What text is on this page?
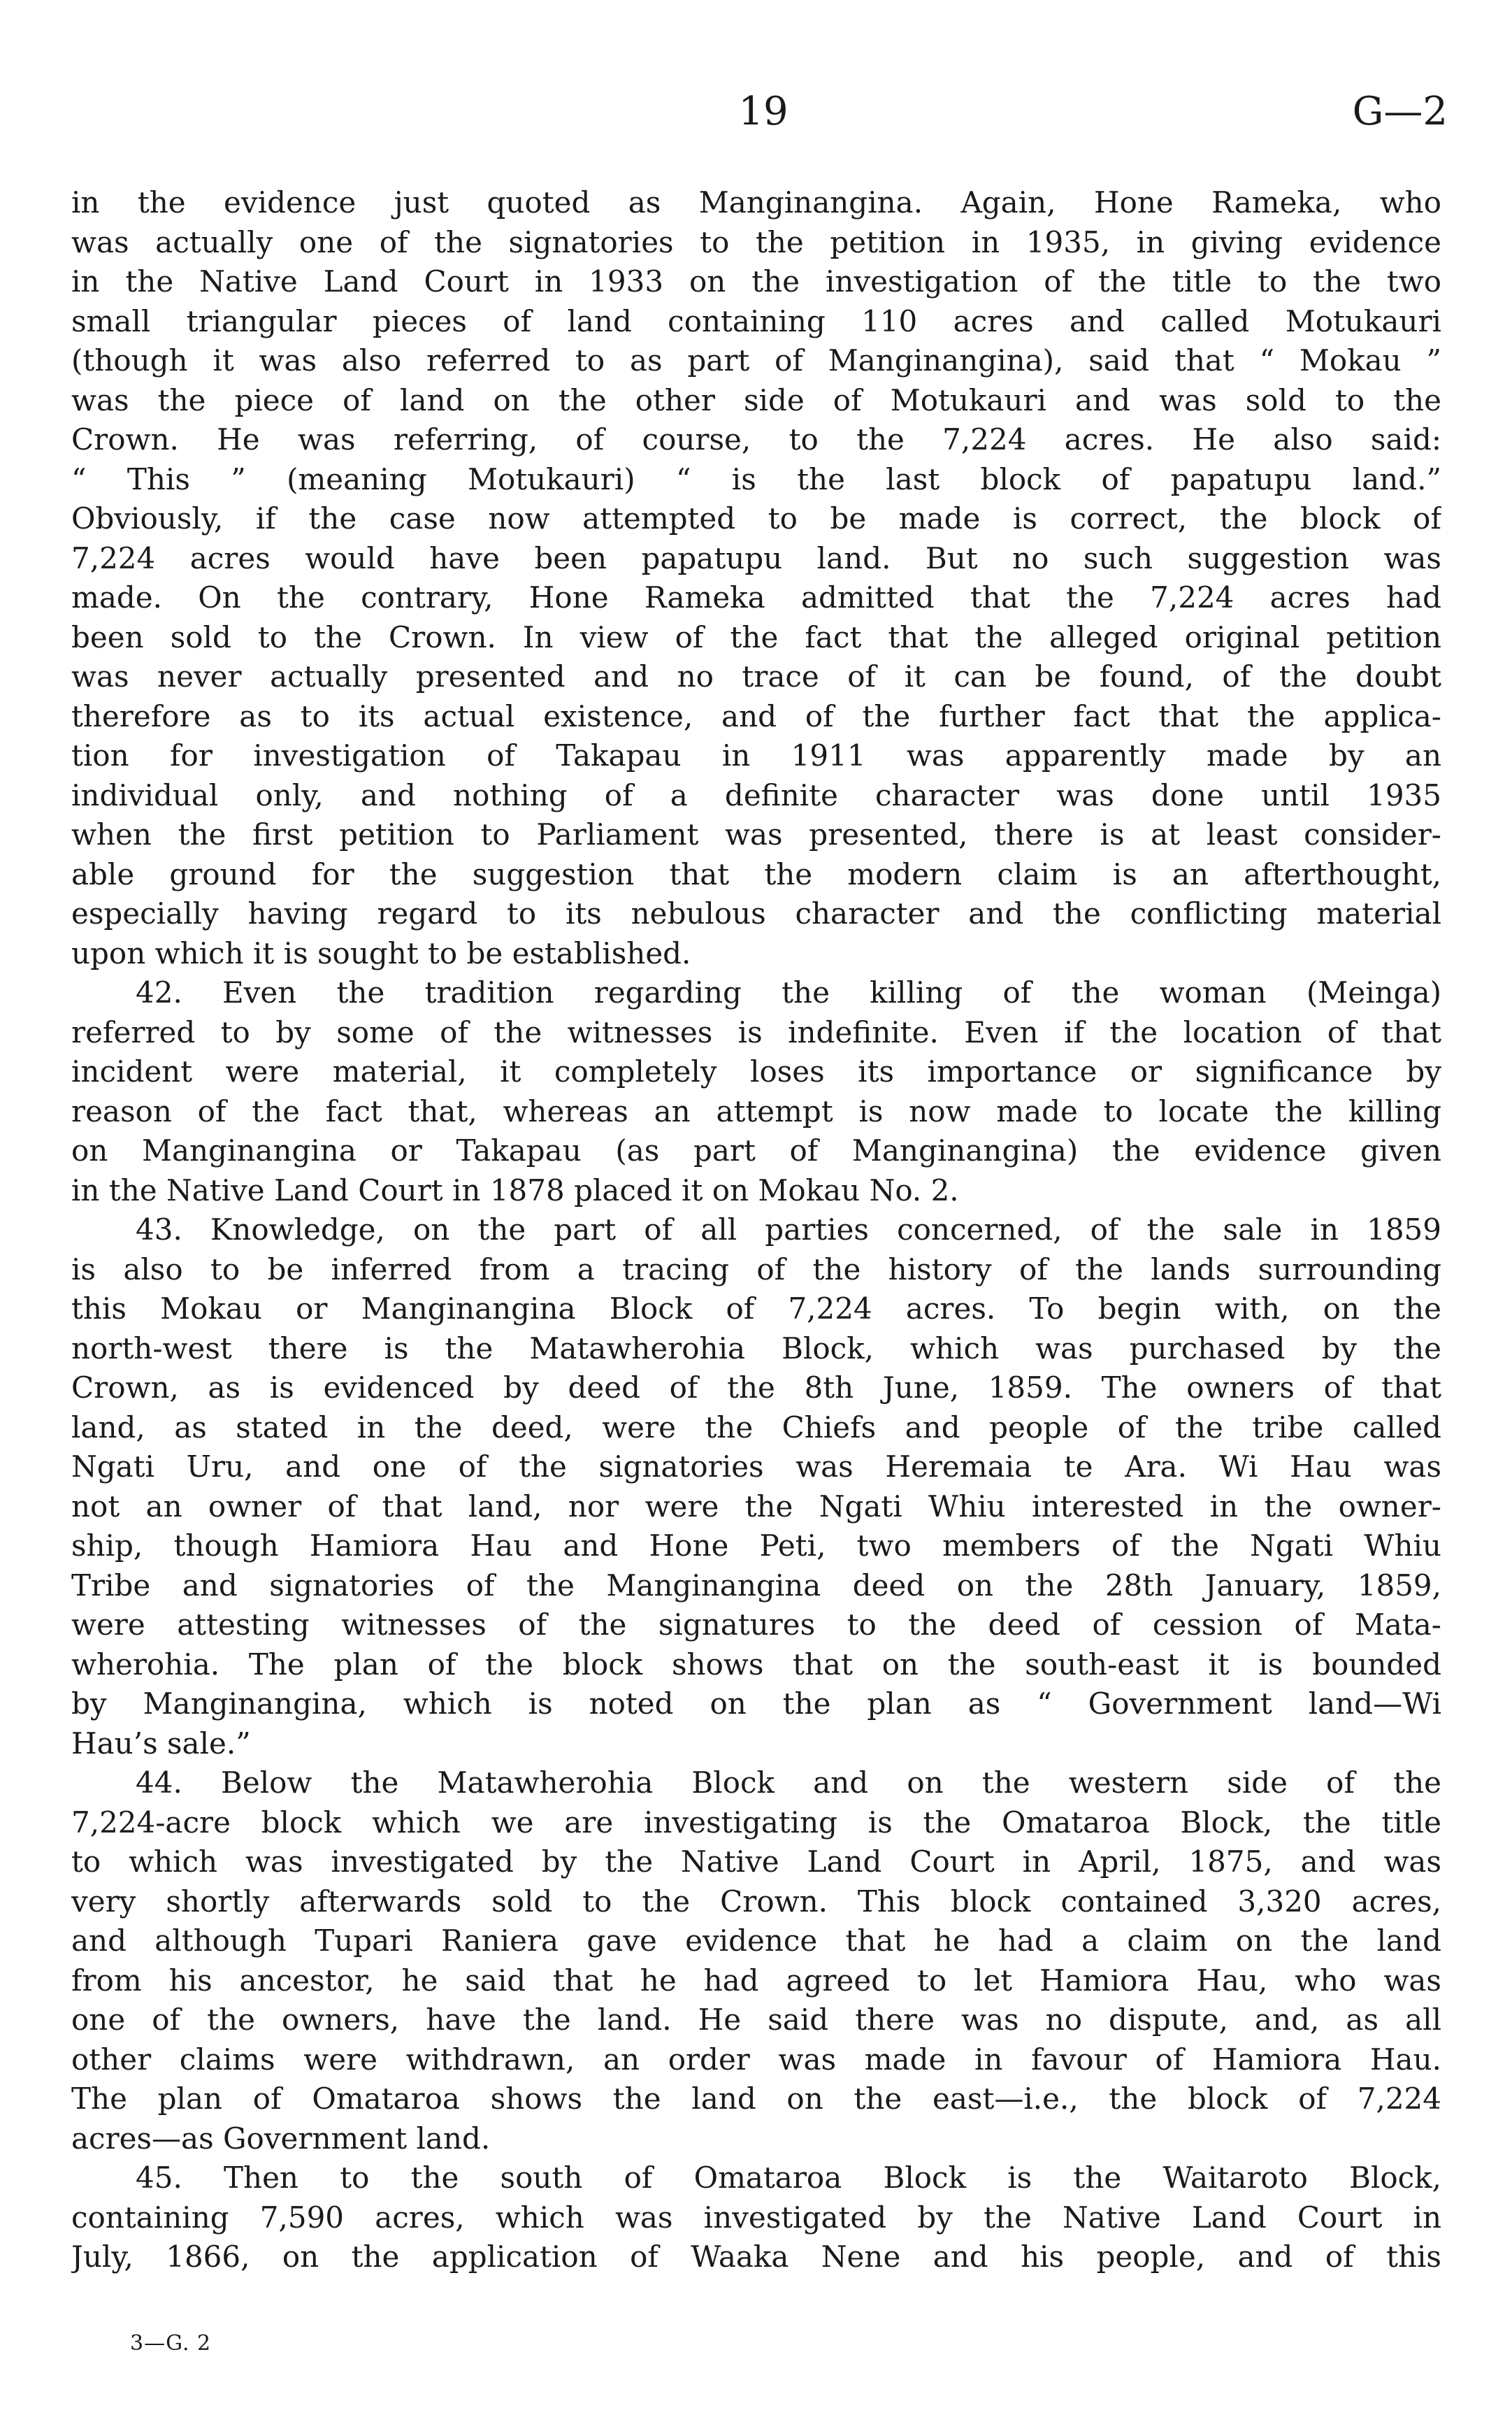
19	G—2
in the evidence just quoted as Manginangina. Again, Hone Rameka, who
was actually one of the signatories to the petition in 1935, in giving evidence
in the Native Land Court in 1933 on the investigation of the title to the two
small triangular pieces of land containing 110 acres and called Motukauri
(though it was also referred to as part of Manginangina), said that “ Mokau ”
was the piece of land on the other side of Motukauri and was sold to the
Crown. He was referring, of course, to the 7,224 acres. He also said:
“ This ” (meaning Motukauri) “ is the last block of papatupu land.”
Obviously, if the case now attempted to be made is correct, the block of
7,224 acres would have been papatupu land. But no such suggestion was
made. On the contrary, Hone Rameka admitted that the 7,224 acres had
been sold to the Crown. In view of the fact that the alleged original petition
was never actually presented and no trace of it can be found, of the doubt
therefore as to its actual existence, and of the further fact that the applica-
tion for investigation of Takapau in 1911 was apparently made by an
individual only, and nothing of a definite character was done until 1935
when the first petition to Parliament was presented, there is at least consider-
able ground for the suggestion that the modern claim is an afterthought,
especially having regard to its nebulous character and the conflicting material
upon which it is sought to be established.
42. Even the tradition regarding the killing of the woman (Meinga)
referred to by some of the witnesses is indefinite. Even if the location of that
incident were material, it completely loses its importance or significance by
reason of the fact that, whereas an attempt is now made to locate the killing
on Manginangina or Takapau (as part of Manginangina) the evidence given
in the Native Land Court in 1878 placed it on Mokau No. 2.
43. Knowledge, on the part of all parties concerned, of the sale in 1859
is also to be inferred from a tracing of the history of the lands surrounding
this Mokau or Manginangina Block of 7,224 acres. To begin with, on the
north-west there is the Matawherohia Block, which was purchased by the
Crown, as is evidenced by deed of the 8th June, 1859. The owners of that
land, as stated in the deed, were the Chiefs and people of the tribe called
Ngati Uru, and one of the signatories was Heremaia te Ara. Wi Hau was
not an owner of that land, nor were the Ngati Whiu interested in the owner-
ship, though Hamiora Hau and Hone Peti, two members of the Ngati Whiu
Tribe and signatories of the Manginangina deed on the 28th January, 1859,
were attesting witnesses of the signatures to the deed of cession of Mata-
wherohia. The plan of the block shows that on the south-east it is bounded
by Manginangina, which is noted on the plan as “ Government land—Wi
Hau’s sale.”
44. Below the Matawherohia Block and on the western side of the
7,224-acre block which we are investigating is the Omataroa Block, the title
to which was investigated by the Native Land Court in April, 1875, and was
very shortly afterwards sold to the Crown. This block contained 3,320 acres,
and although Tupari Raniera gave evidence that he had a claim on the land
from his ancestor, he said that he had agreed to let Hamiora Hau, who was
one of the owners, have the land. He said there was no dispute, and, as all
other claims were withdrawn, an order was made in favour of Hamiora Hau.
The plan of Omataroa shows the land on the east—i.e., the block of 7,224
acres—as Government land.
45. Then to the south of Omataroa Block is the Waitaroto Block,
containing 7,590 acres, which was investigated by the Native Land Court in
July, 1866, on the application of Waaka Nene and his people, and of this
3—G. 2
